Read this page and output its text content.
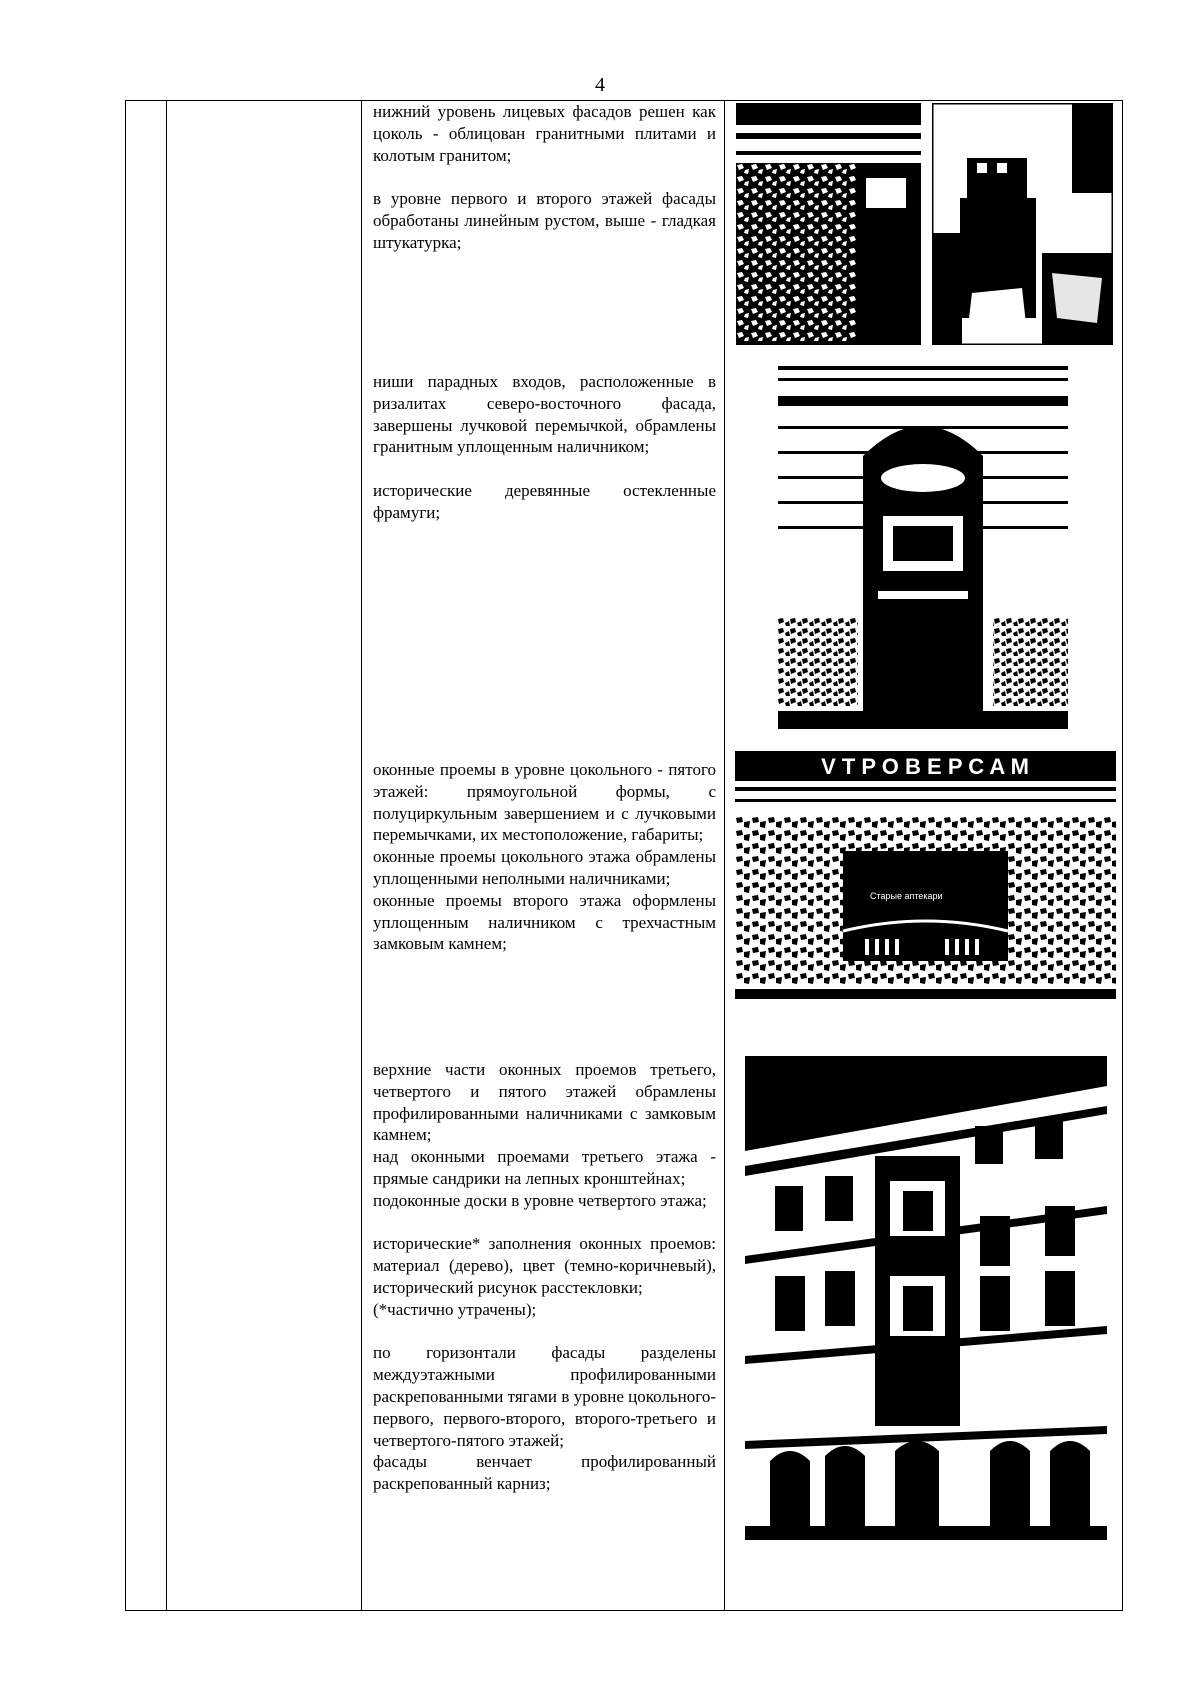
4

нижний уровень лицевых фасадов решен как цоколь - облицован гранитными плитами и колотым гранитом;

в уровне первого и второго этажей фасады обработаны линейным рустом, выше - гладкая штукатурка;

ниши парадных входов, расположенные в ризалитах северо-восточного фасада, завершены лучковой перемычкой, обрамлены гранитным уплощенным наличником;

исторические деревянные остекленные фрамуги;

оконные проемы в уровне цокольного - пятого этажей: прямоугольной формы, с полуциркульным завершением и с лучковыми перемычками, их местоположение, габариты;

оконные проемы цокольного этажа обрамлены уплощенными неполными наличниками;

оконные проемы второго этажа оформлены уплощенным наличником с трехчастным замковым камнем;

верхние части оконных проемов третьего, четвертого и пятого этажей обрамлены профилированными наличниками с замковым камнем;

над оконными проемами третьего этажа - прямые сандрики на лепных кронштейнах;

подоконные доски в уровне четвертого этажа;

исторические* заполнения оконных проемов: материал (дерево), цвет (темно-коричневый), исторический рисунок расстекловки;

(*частично утрачены);

по горизонтали фасады разделены междуэтажными профилированными раскрепованными тягами в уровне цокольного-первого, первого-второго, второго-третьего и четвертого-пятого этажей;

фасады венчает профилированный раскрепованный карниз;

V T P O B E P C A M
Старые аптекари
